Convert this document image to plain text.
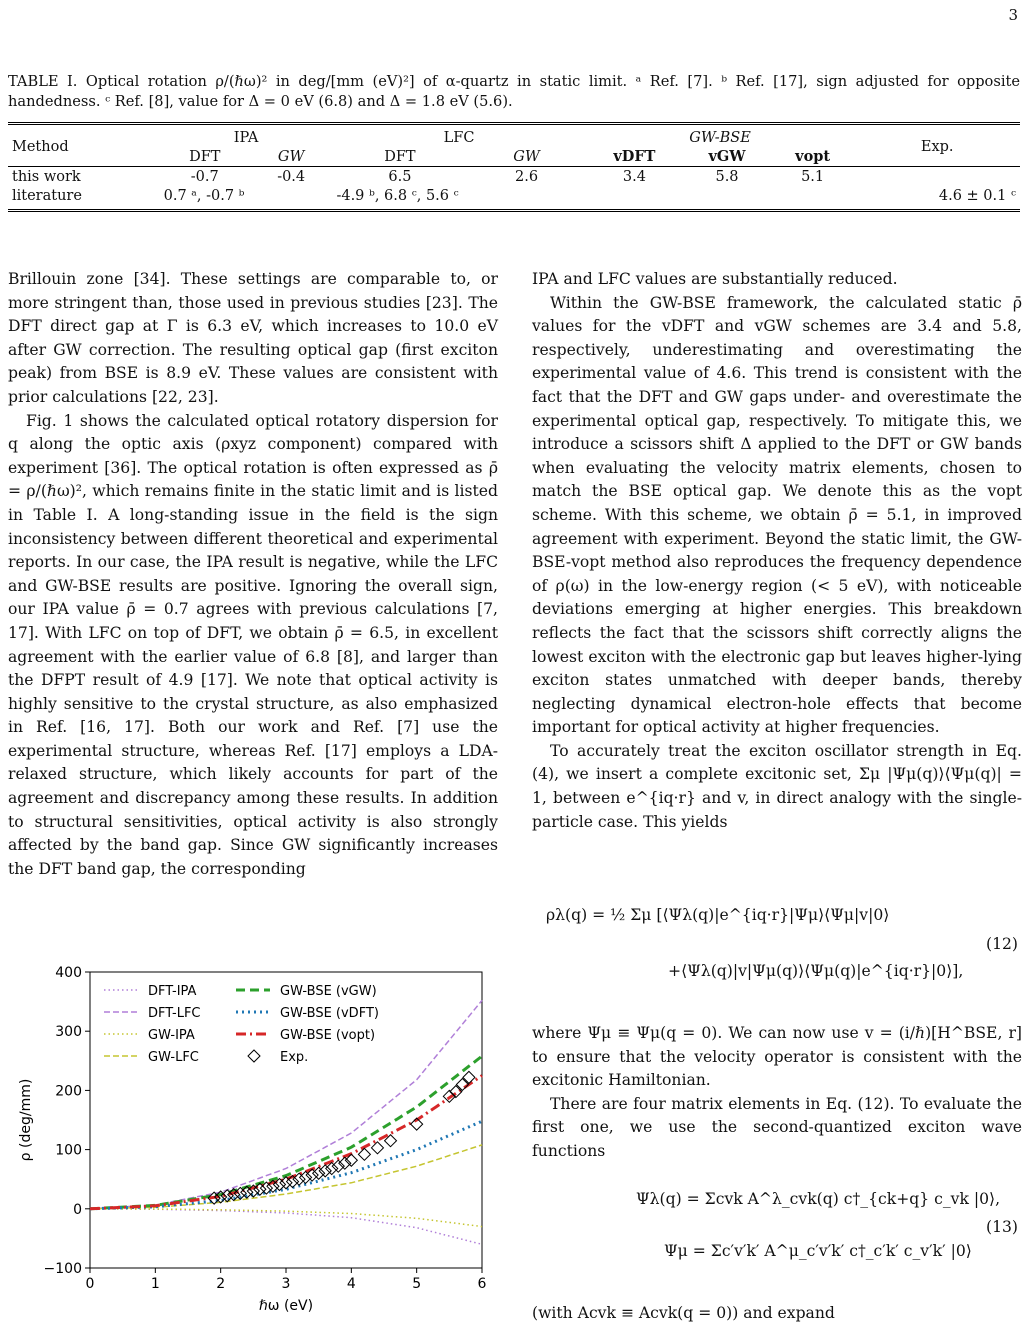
3
TABLE I. Optical rotation ρ/(ℏω)² in deg/[mm (eV)²] of α-quartz in static limit. ᵃ Ref. [7]. ᵇ Ref. [17], sign adjusted for opposite handedness. ᶜ Ref. [8], value for Δ = 0 eV (6.8) and Δ = 1.8 eV (5.6).
Method	IPA		LFC		GW-BSE			Exp.
	DFT	GW	DFT	GW	vDFT	vGW	vopt	
this work	-0.7	-0.4	6.5	2.6	3.4	5.8	5.1	
literature	0.7 ᵃ, -0.7 ᵇ		-4.9 ᵇ, 6.8 ᶜ, 5.6 ᶜ					4.6 ± 0.1 ᶜ

Brillouin zone [34]. These settings are comparable to, or more stringent than, those used in previous studies [23]. The DFT direct gap at Γ is 6.3 eV, which increases to 10.0 eV after GW correction. The resulting optical gap (first exciton peak) from BSE is 8.9 eV. These values are consistent with prior calculations [22, 23].

Fig. 1 shows the calculated optical rotatory dispersion for q along the optic axis (ρxyz component) compared with experiment [36]. The optical rotation is often expressed as ρ̄ = ρ/(ℏω)², which remains finite in the static limit and is listed in Table I. A long-standing issue in the field is the sign inconsistency between different theoretical and experimental reports. In our case, the IPA result is negative, while the LFC and GW-BSE results are positive. Ignoring the overall sign, our IPA value ρ̄ = 0.7 agrees with previous calculations [7, 17]. With LFC on top of DFT, we obtain ρ̄ = 6.5, in excellent agreement with the earlier value of 6.8 [8], and larger than the DFPT result of 4.9 [17]. We note that optical activity is highly sensitive to the crystal structure, as also emphasized in Ref. [16, 17]. Both our work and Ref. [7] use the experimental structure, whereas Ref. [17] employs a LDA-relaxed structure, which likely accounts for part of the agreement and discrepancy among these results. In addition to structural sensitivities, optical activity is also strongly affected by the band gap. Since GW significantly increases the DFT band gap, the corresponding

IPA and LFC values are substantially reduced.

Within the GW-BSE framework, the calculated static ρ̄ values for the vDFT and vGW schemes are 3.4 and 5.8, respectively, underestimating and overestimating the experimental value of 4.6. This trend is consistent with the fact that the DFT and GW gaps under- and overestimate the experimental optical gap, respectively. To mitigate this, we introduce a scissors shift Δ applied to the DFT or GW bands when evaluating the velocity matrix elements, chosen to match the BSE optical gap. We denote this as the vopt scheme. With this scheme, we obtain ρ̄ = 5.1, in improved agreement with experiment. Beyond the static limit, the GW-BSE-vopt method also reproduces the frequency dependence of ρ(ω) in the low-energy region (< 5 eV), with noticeable deviations emerging at higher energies. This breakdown reflects the fact that the scissors shift correctly aligns the lowest exciton with the electronic gap but leaves higher-lying exciton states unmatched with deeper bands, thereby neglecting dynamical electron-hole effects that become important for optical activity at higher frequencies.

To accurately treat the exciton oscillator strength in Eq. (4), we insert a complete excitonic set, Σμ |Ψμ(q)⟩⟨Ψμ(q)| = 1, between e^{iq·r} and v, in direct analogy with the single-particle case. This yields

ρλ(q) = ½ Σμ [⟨Ψλ(q)|e^{iq·r}|Ψμ⟩⟨Ψμ|v|0⟩
+⟨Ψλ(q)|v|Ψμ(q)⟩⟨Ψμ(q)|e^{iq·r}|0⟩],
(12)

where Ψμ ≡ Ψμ(q = 0). We can now use v = (i/ℏ)[H^BSE, r] to ensure that the velocity operator is consistent with the excitonic Hamiltonian.

There are four matrix elements in Eq. (12). To evaluate the first one, we use the second-quantized exciton wave functions

Ψλ(q) = Σcvk A^λ_cvk(q) c†_{ck+q} c_vk |0⟩,
Ψμ = Σc′v′k′ A^μ_c′v′k′ c†_c′k′ c_v′k′ |0⟩
(13)
(with Acvk ≡ Acvk(q = 0)) and expand
0	1	2	3	4	5	6
−100
0
100
200
300
400
ℏω (eV)
ρ (deg/mm)
DFT-IPA
DFT-LFC
GW-IPA
GW-LFC
GW-BSE (vGW)
GW-BSE (vDFT)
GW-BSE (vopt)
Exp.
